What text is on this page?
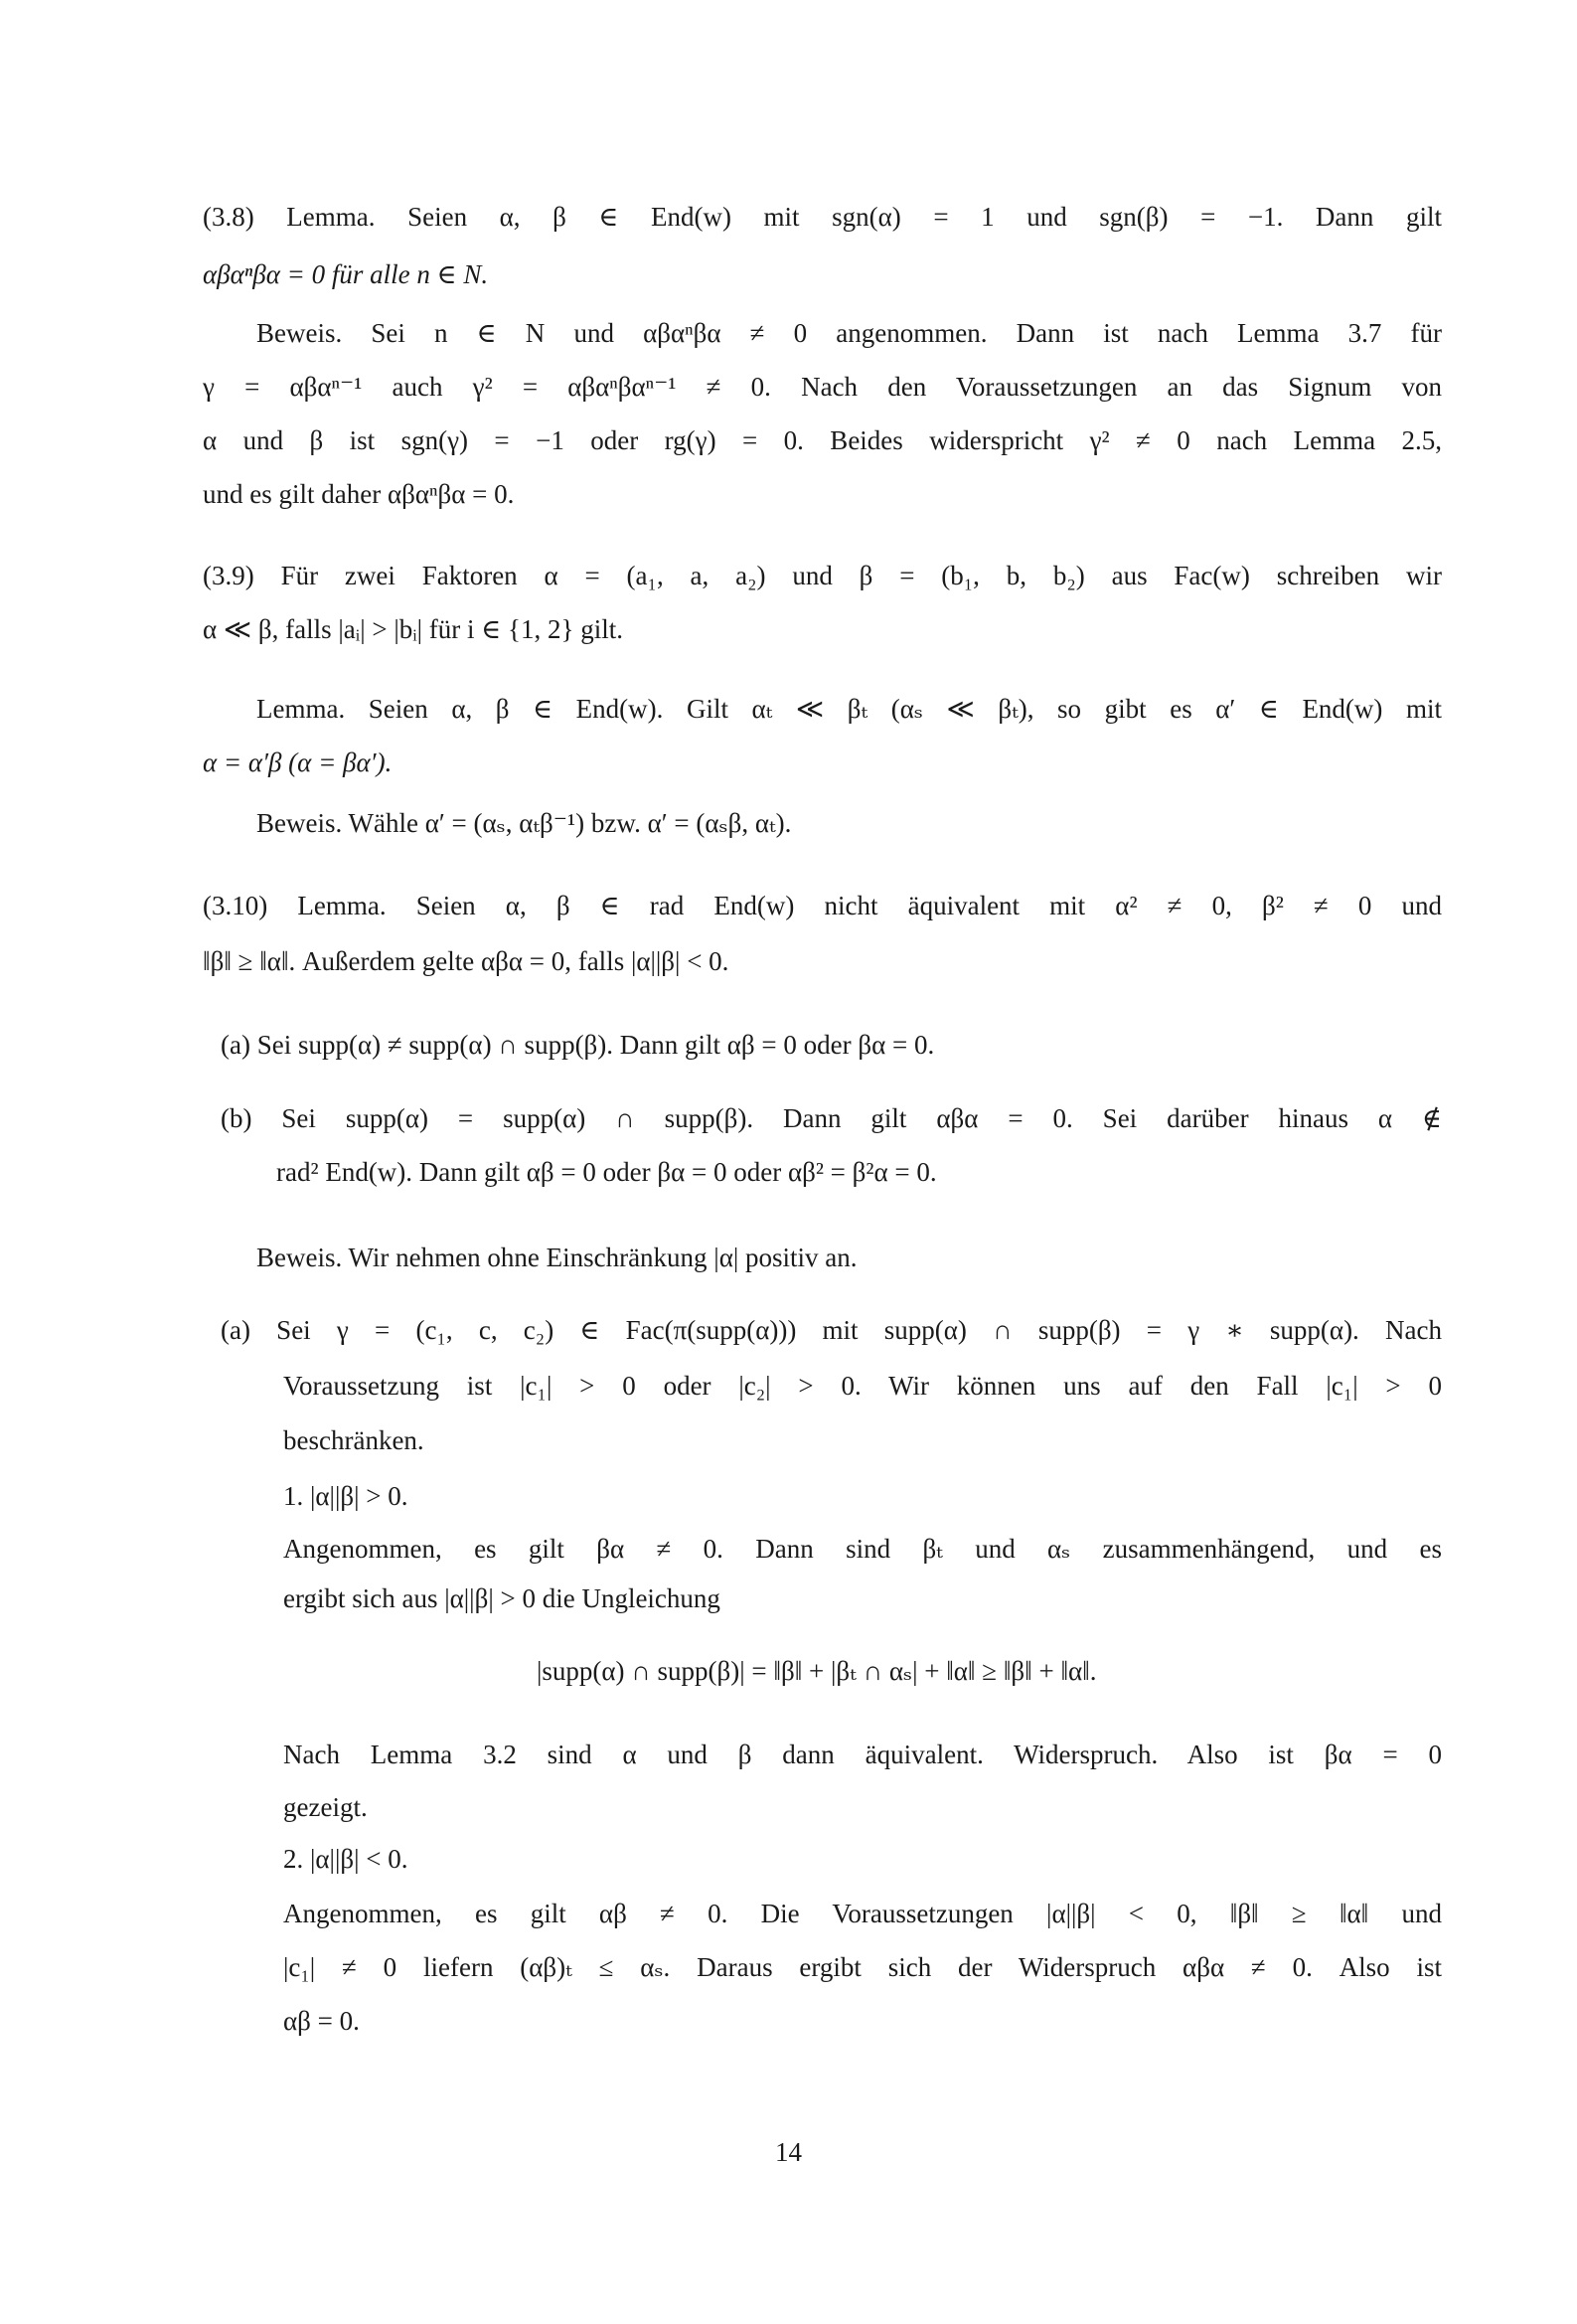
(3.8) Lemma. Seien α, β ∈ End(w) mit sgn(α) = 1 und sgn(β) = −1. Dann gilt
αβαⁿβα = 0 für alle n ∈ N.
Beweis. Sei n ∈ N und αβαⁿβα ≠ 0 angenommen. Dann ist nach Lemma 3.7 für
γ = αβαⁿ⁻¹ auch γ² = αβαⁿβαⁿ⁻¹ ≠ 0. Nach den Voraussetzungen an das Signum von
α und β ist sgn(γ) = −1 oder rg(γ) = 0. Beides widerspricht γ² ≠ 0 nach Lemma 2.5,
und es gilt daher αβαⁿβα = 0.
(3.9) Für zwei Faktoren α = (a₁, a, a₂) und β = (b₁, b, b₂) aus Fac(w) schreiben wir
α ≪ β, falls |aᵢ| > |bᵢ| für i ∈ {1, 2} gilt.
Lemma. Seien α, β ∈ End(w). Gilt αₜ ≪ βₜ (αₛ ≪ βₜ), so gibt es α′ ∈ End(w) mit
α = α′β (α = βα′).
Beweis. Wähle α′ = (αₛ, αₜβ⁻¹) bzw. α′ = (αₛβ, αₜ).
(3.10) Lemma. Seien α, β ∈ rad End(w) nicht äquivalent mit α² ≠ 0, β² ≠ 0 und
‖β‖ ≥ ‖α‖. Außerdem gelte αβα = 0, falls |α||β| < 0.
(a) Sei supp(α) ≠ supp(α) ∩ supp(β). Dann gilt αβ = 0 oder βα = 0.
(b) Sei supp(α) = supp(α) ∩ supp(β). Dann gilt αβα = 0. Sei darüber hinaus α ∉
rad² End(w). Dann gilt αβ = 0 oder βα = 0 oder αβ² = β²α = 0.
Beweis. Wir nehmen ohne Einschränkung |α| positiv an.
(a) Sei γ = (c₁, c, c₂) ∈ Fac(π(supp(α))) mit supp(α) ∩ supp(β) = γ ∗ supp(α). Nach
Voraussetzung ist |c₁| > 0 oder |c₂| > 0. Wir können uns auf den Fall |c₁| > 0
beschränken.
1. |α||β| > 0.
Angenommen, es gilt βα ≠ 0. Dann sind βₜ und αₛ zusammenhängend, und es
ergibt sich aus |α||β| > 0 die Ungleichung
|supp(α) ∩ supp(β)| = ‖β‖ + |βₜ ∩ αₛ| + ‖α‖ ≥ ‖β‖ + ‖α‖.
Nach Lemma 3.2 sind α und β dann äquivalent. Widerspruch. Also ist βα = 0
gezeigt.
2. |α||β| < 0.
Angenommen, es gilt αβ ≠ 0. Die Voraussetzungen |α||β| < 0, ‖β‖ ≥ ‖α‖ und
|c₁| ≠ 0 liefern (αβ)ₜ ≤ αₛ. Daraus ergibt sich der Widerspruch αβα ≠ 0. Also ist
αβ = 0.
14
